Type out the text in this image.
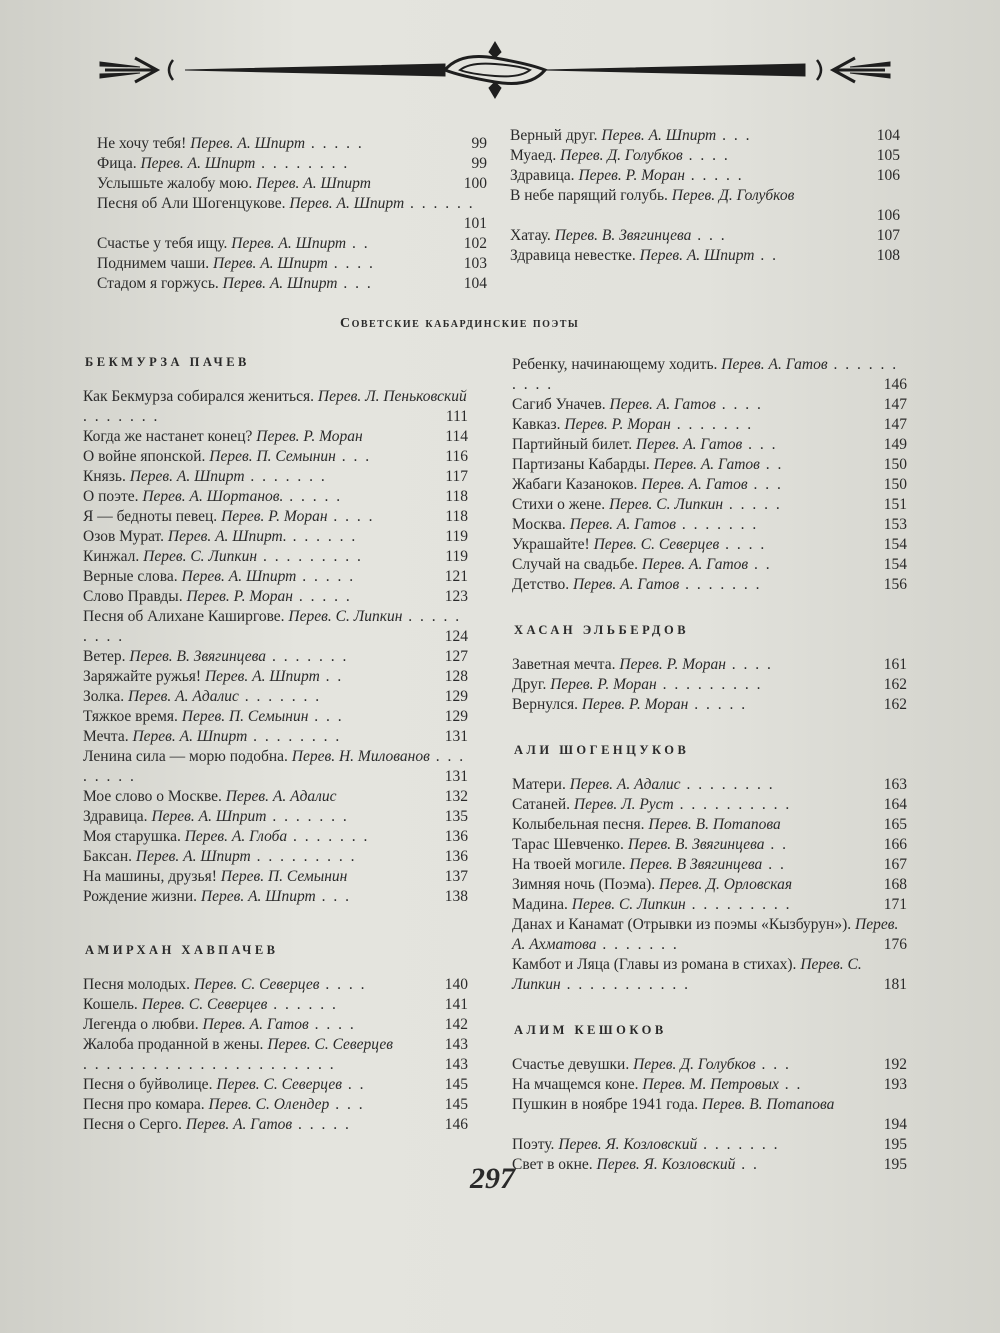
Не хочу тебя! Перев. А. Шпирт . . . . .	99
Фица. Перев. А. Шпирт . . . . . . . .	99
Услышьте жалобу мою. Перев. А. Шпирт	100
Песня об Али Шогенцукове. Перев. А. Шпирт . . . . . .
101
Счастье у тебя ищу. Перев. А. Шпирт . .	102
Поднимем чаши. Перев. А. Шпирт . . . .	103
Стадом я горжусь. Перев. А. Шпирт . . .	104
Верный друг. Перев. А. Шпирт . . .	104
Муаед. Перев. Д. Голубков . . . .	105
Здравица. Перев. Р. Моран . . . . .	106
В небе парящий голубь. Перев. Д. Голубков
106
Хатау. Перев. В. Звягинцева . . .	107
Здравица невестке. Перев. А. Шпирт . .	108
Советские кабардинские поэты
БЕКМУРЗА ПАЧЕВ
Как Бекмурза собирался жениться. Перев. Л. Пеньковский . . . . . . .	111
Когда же настанет конец? Перев. Р. Моран	114
О войне японской. Перев. П. Семынин . . .	116
Князь. Перев. А. Шпирт . . . . . . .	117
О поэте. Перев. А. Шортанов. . . . . .	118
Я — бедноты певец. Перев. Р. Моран . . . .	118
Озов Мурат. Перев. А. Шпирт. . . . . . .	119
Кинжал. Перев. С. Липкин . . . . . . . . .	119
Верные слова. Перев. А. Шпирт . . . . .	121
Слово Правды. Перев. Р. Моран . . . . .	123
Песня об Алихане Каширгове. Перев. С. Липкин . . . . . . . . .	124
Ветер. Перев. В. Звягинцева . . . . . . .	127
Заряжайте ружья! Перев. А. Шпирт . .	128
Золка. Перев. А. Адалис . . . . . . .	129
Тяжкое время. Перев. П. Семынин . . .	129
Мечта. Перев. А. Шпирт . . . . . . . .	131
Ленина сила — морю подобна. Перев. Н. Милованов . . . . . . . .	131
Мое слово о Москве. Перев. А. Адалис	132
Здравица. Перев. А. Шприт . . . . . . .	135
Моя старушка. Перев. А. Глоба . . . . . . .	136
Баксан. Перев. А. Шпирт . . . . . . . . .	136
На машины, друзья! Перев. П. Семынин	137
Рождение жизни. Перев. А. Шпирт . . .	138
АМИРХАН ХАВПАЧЕВ
Песня молодых. Перев. С. Северцев . . . .	140
Кошель. Перев. С. Северцев . . . . . .	141
Легенда о любви. Перев. А. Гатов . . . .	142
Жалоба проданной в жены. Перев. С. Северцев	143
. . . . . . . . . . . . . . . . . . . . . .	143
Песня о буйволице. Перев. С. Северцев . .	145
Песня про комара. Перев. С. Олендер . . .	145
Песня о Серго. Перев. А. Гатов . . . . .	146
Ребенку, начинающему ходить. Перев. А. Гатов . . . . . . . . . .	146
Сагиб Уначев. Перев. А. Гатов . . . .	147
Кавказ. Перев. Р. Моран . . . . . . .	147
Партийный билет. Перев. А. Гатов . . .	149
Партизаны Кабарды. Перев. А. Гатов . .	150
Жабаги Казаноков. Перев. А. Гатов . . .	150
Стихи о жене. Перев. С. Липкин . . . . .	151
Москва. Перев. А. Гатов . . . . . . .	153
Украшайте! Перев. С. Северцев . . . .	154
Случай на свадьбе. Перев. А. Гатов . .	154
Детство. Перев. А. Гатов . . . . . . .	156
ХАСАН ЭЛЬБЕРДОВ
Заветная мечта. Перев. Р. Моран . . . .	161
Друг. Перев. Р. Моран . . . . . . . . .	162
Вернулся. Перев. Р. Моран . . . . .	162
АЛИ ШОГЕНЦУКОВ
Матери. Перев. А. Адалис . . . . . . . .	163
Сатаней. Перев. Л. Руст . . . . . . . . . .	164
Колыбельная песня. Перев. В. Потапова	165
Тарас Шевченко. Перев. В. Звягинцева . .	166
На твоей могиле. Перев. В Звягинцева . .	167
Зимняя ночь (Поэма). Перев. Д. Орловская	168
Мадина. Перев. С. Липкин . . . . . . . . .	171
Данах и Канамат (Отрывки из поэмы «Кызбурун»). Перев. А. Ахматова . . . . . . .	176
Камбот и Ляца (Главы из романа в стихах). Перев. С. Липкин . . . . . . . . . . .	181
АЛИМ КЕШОКОВ
Счастье девушки. Перев. Д. Голубков . . .	192
На мчащемся коне. Перев. М. Петровых . .	193
Пушкин в ноябре 1941 года. Перев. В. Потапова
194
Поэту. Перев. Я. Козловский . . . . . . .	195
Свет в окне. Перев. Я. Козловский . .	195
297
